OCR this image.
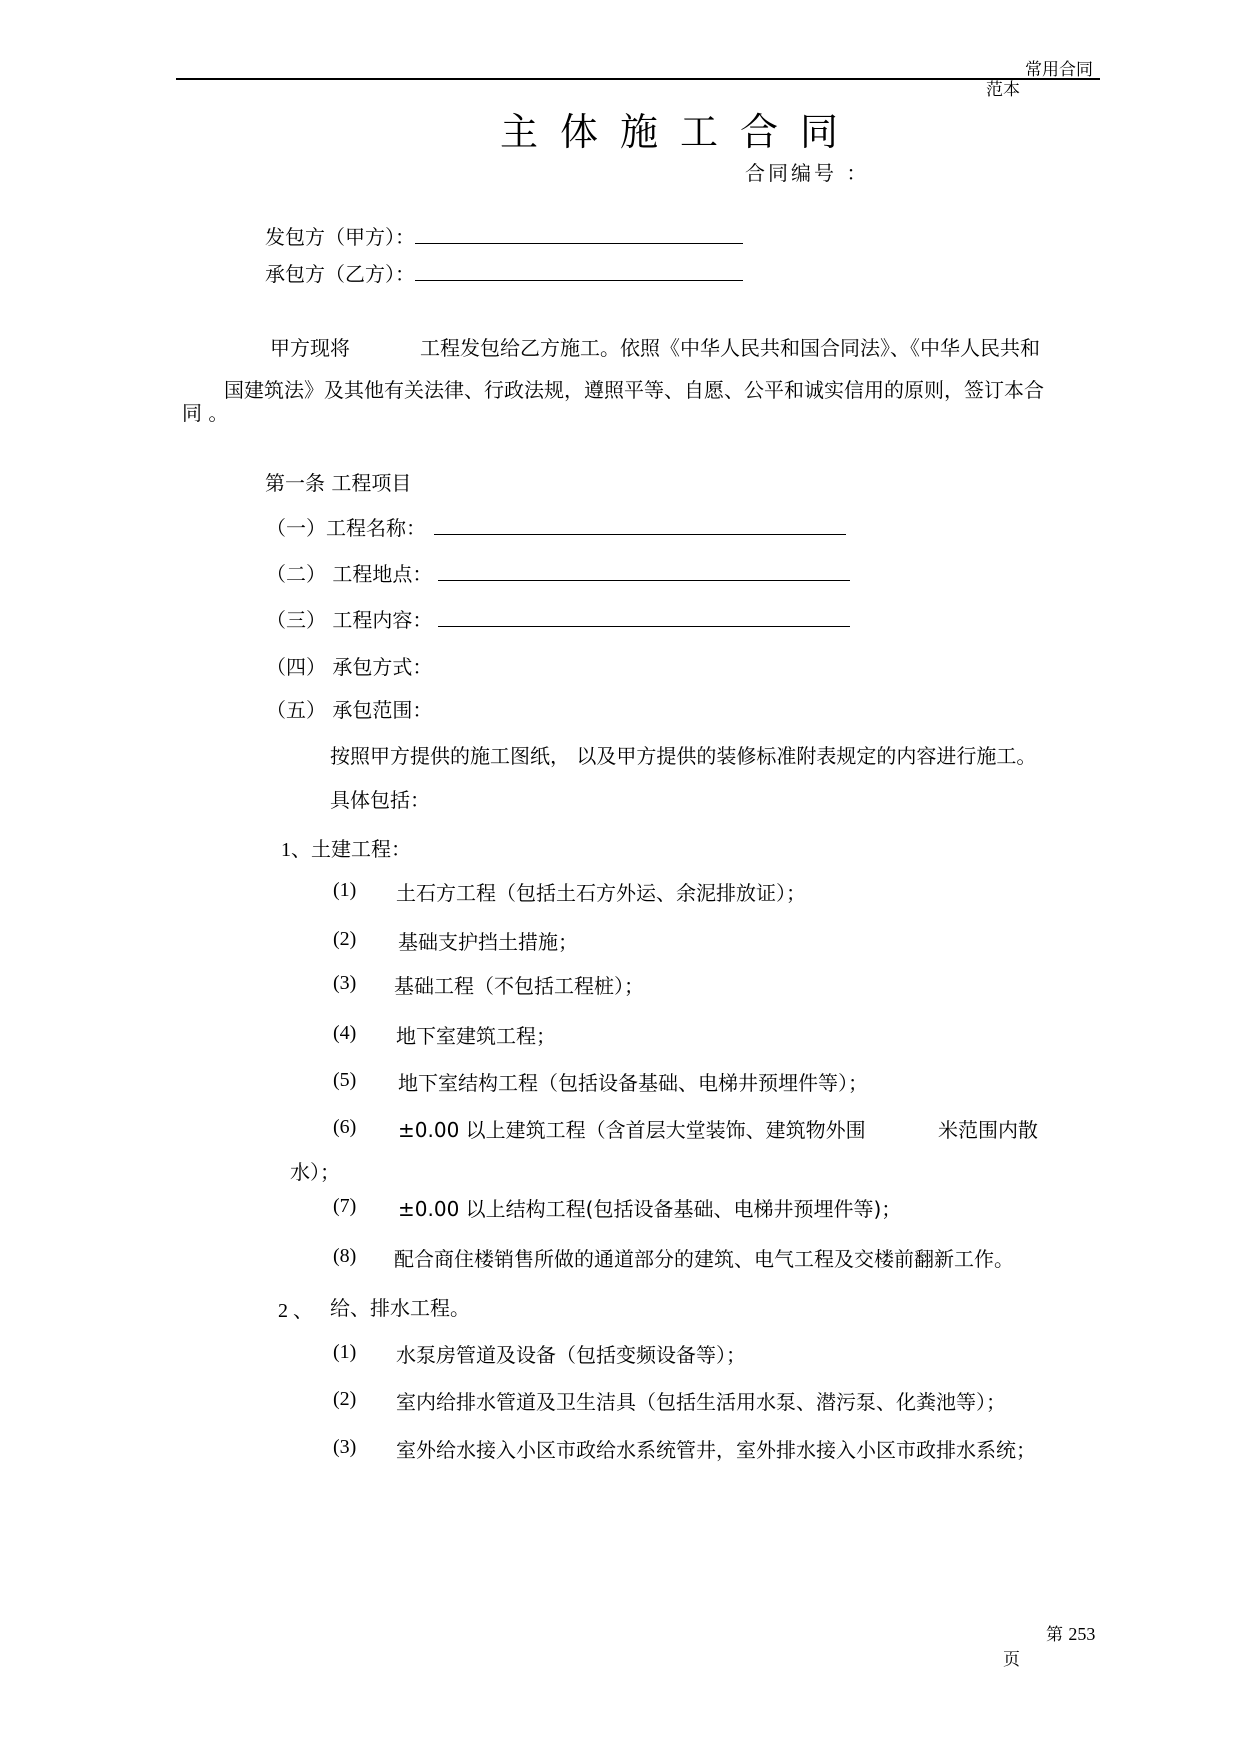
常用合同
范本
主体施工合同
合同编号 ：
发包方（甲方）：
承包方（乙方）：
甲方现将	工程发包给乙方施工。依照《中华人民共和国合同法》、《中华人民共和
国建筑法》及其他有关法律、行政法规，遵照平等、自愿、公平和诚实信用的原则，签订本合
同 。
第一条 工程项目
（一）工程名称：
（二） 工程地点：
（三） 工程内容：
（四） 承包方式：
（五） 承包范围：
按照甲方提供的施工图纸， 以及甲方提供的装修标准附表规定的内容进行施工。
具体包括：
1、土建工程：
(1) 土石方工程（包括土石方外运、余泥排放证）；
(2) 基础支护挡土措施；
(3) 基础工程（不包括工程桩）；
(4) 地下室建筑工程；
(5) 地下室结构工程（包括设备基础、电梯井预埋件等）；
(6) ±0.00 以上建筑工程（含首层大堂装饰、建筑物外围	米范围内散
水）；
(7) ±0.00 以上结构工程(包括设备基础、电梯井预埋件等)；
(8) 配合商住楼销售所做的通道部分的建筑、电气工程及交楼前翻新工作。
2 、 给、排水工程。
(1) 水泵房管道及设备（包括变频设备等）；
(2) 室内给排水管道及卫生洁具（包括生活用水泵、潜污泵、化粪池等）；
(3) 室外给水接入小区市政给水系统管井，室外排水接入小区市政排水系统；
第 253
页
